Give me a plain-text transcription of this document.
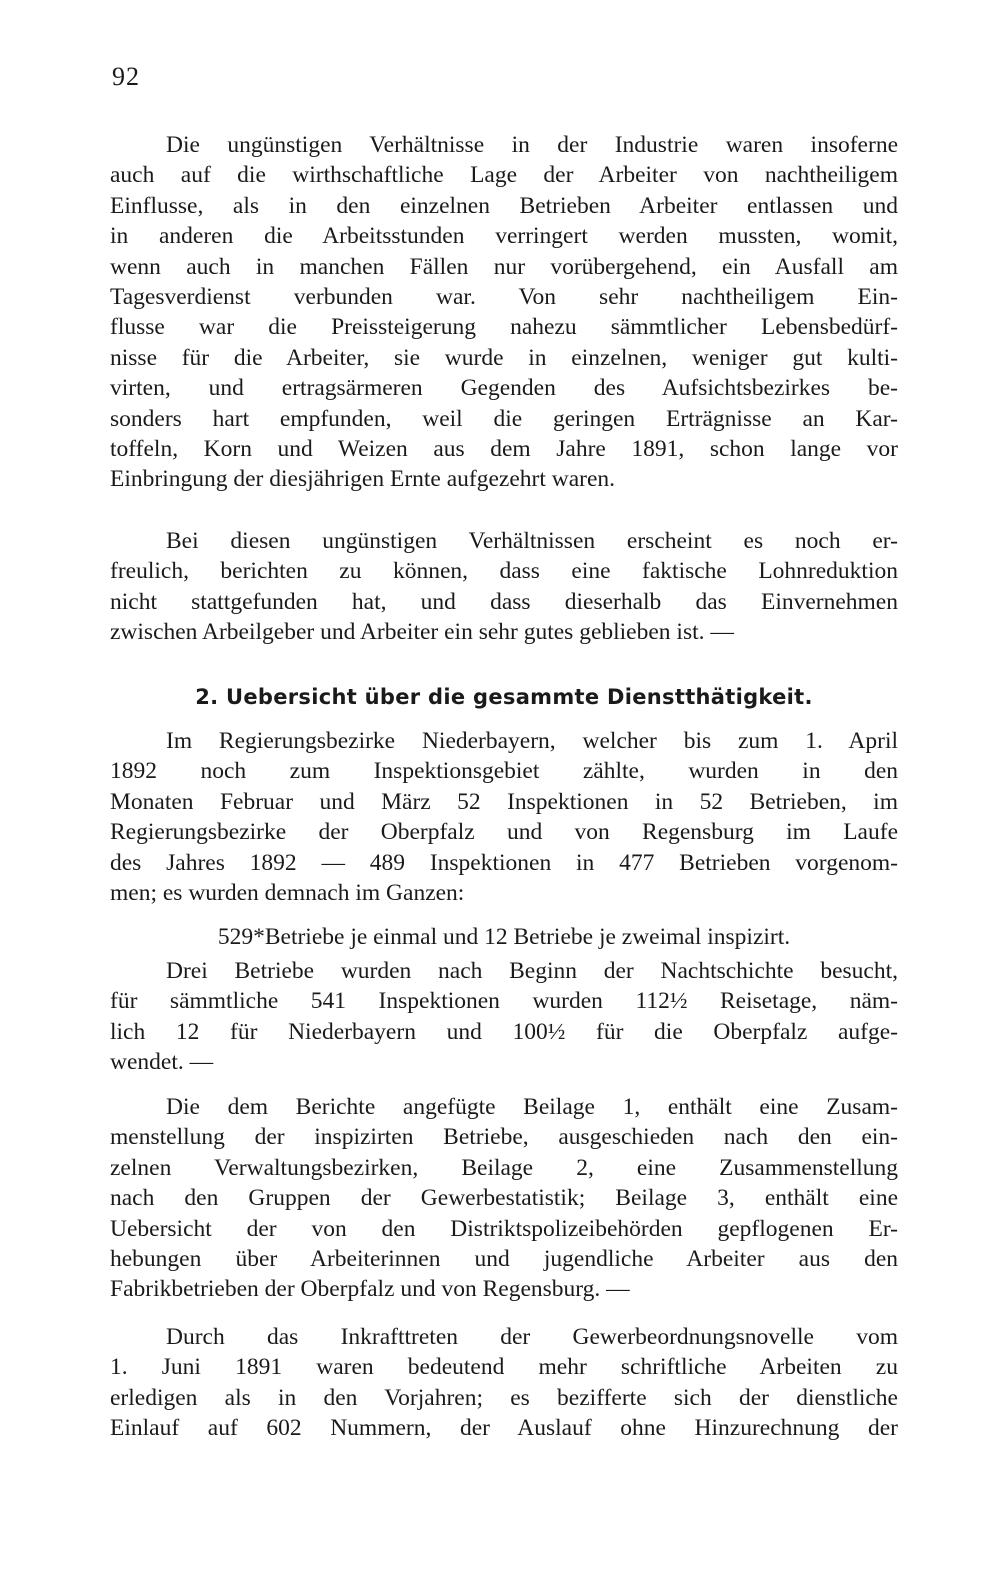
92
Die ungünstigen Verhältnisse in der Industrie waren insoferne
auch auf die wirthschaftliche Lage der Arbeiter von nachtheiligem
Einflusse, als in den einzelnen Betrieben Arbeiter entlassen und
in anderen die Arbeitsstunden verringert werden mussten, womit,
wenn auch in manchen Fällen nur vorübergehend, ein Ausfall am
Tagesverdienst verbunden war. Von sehr nachtheiligem Ein-
flusse war die Preissteigerung nahezu sämmtlicher Lebensbedürf-
nisse für die Arbeiter, sie wurde in einzelnen, weniger gut kulti-
virten, und ertragsärmeren Gegenden des Aufsichtsbezirkes be-
sonders hart empfunden, weil die geringen Erträgnisse an Kar-
toffeln, Korn und Weizen aus dem Jahre 1891, schon lange vor
Einbringung der diesjährigen Ernte aufgezehrt waren.
Bei diesen ungünstigen Verhältnissen erscheint es noch er-
freulich, berichten zu können, dass eine faktische Lohnreduktion
nicht stattgefunden hat, und dass dieserhalb das Einvernehmen
zwischen Arbeilgeber und Arbeiter ein sehr gutes geblieben ist. —
2. Uebersicht über die gesammte Dienstthätigkeit.
Im Regierungsbezirke Niederbayern, welcher bis zum 1. April
1892 noch zum Inspektionsgebiet zählte, wurden in den
Monaten Februar und März 52 Inspektionen in 52 Betrieben, im
Regierungsbezirke der Oberpfalz und von Regensburg im Laufe
des Jahres 1892 — 489 Inspektionen in 477 Betrieben vorgenom-
men; es wurden demnach im Ganzen:
529*Betriebe je einmal und 12 Betriebe je zweimal inspizirt.
Drei Betriebe wurden nach Beginn der Nachtschichte besucht,
für sämmtliche 541 Inspektionen wurden 112½ Reisetage, näm-
lich 12 für Niederbayern und 100½ für die Oberpfalz aufge-
wendet. —
Die dem Berichte angefügte Beilage 1, enthält eine Zusam-
menstellung der inspizirten Betriebe, ausgeschieden nach den ein-
zelnen Verwaltungsbezirken, Beilage 2, eine Zusammenstellung
nach den Gruppen der Gewerbestatistik; Beilage 3, enthält eine
Uebersicht der von den Distriktspolizeibehörden gepflogenen Er-
hebungen über Arbeiterinnen und jugendliche Arbeiter aus den
Fabrikbetrieben der Oberpfalz und von Regensburg. —
Durch das Inkrafttreten der Gewerbeordnungsnovelle vom
1. Juni 1891 waren bedeutend mehr schriftliche Arbeiten zu
erledigen als in den Vorjahren; es bezifferte sich der dienstliche
Einlauf auf 602 Nummern, der Auslauf ohne Hinzurechnung der
